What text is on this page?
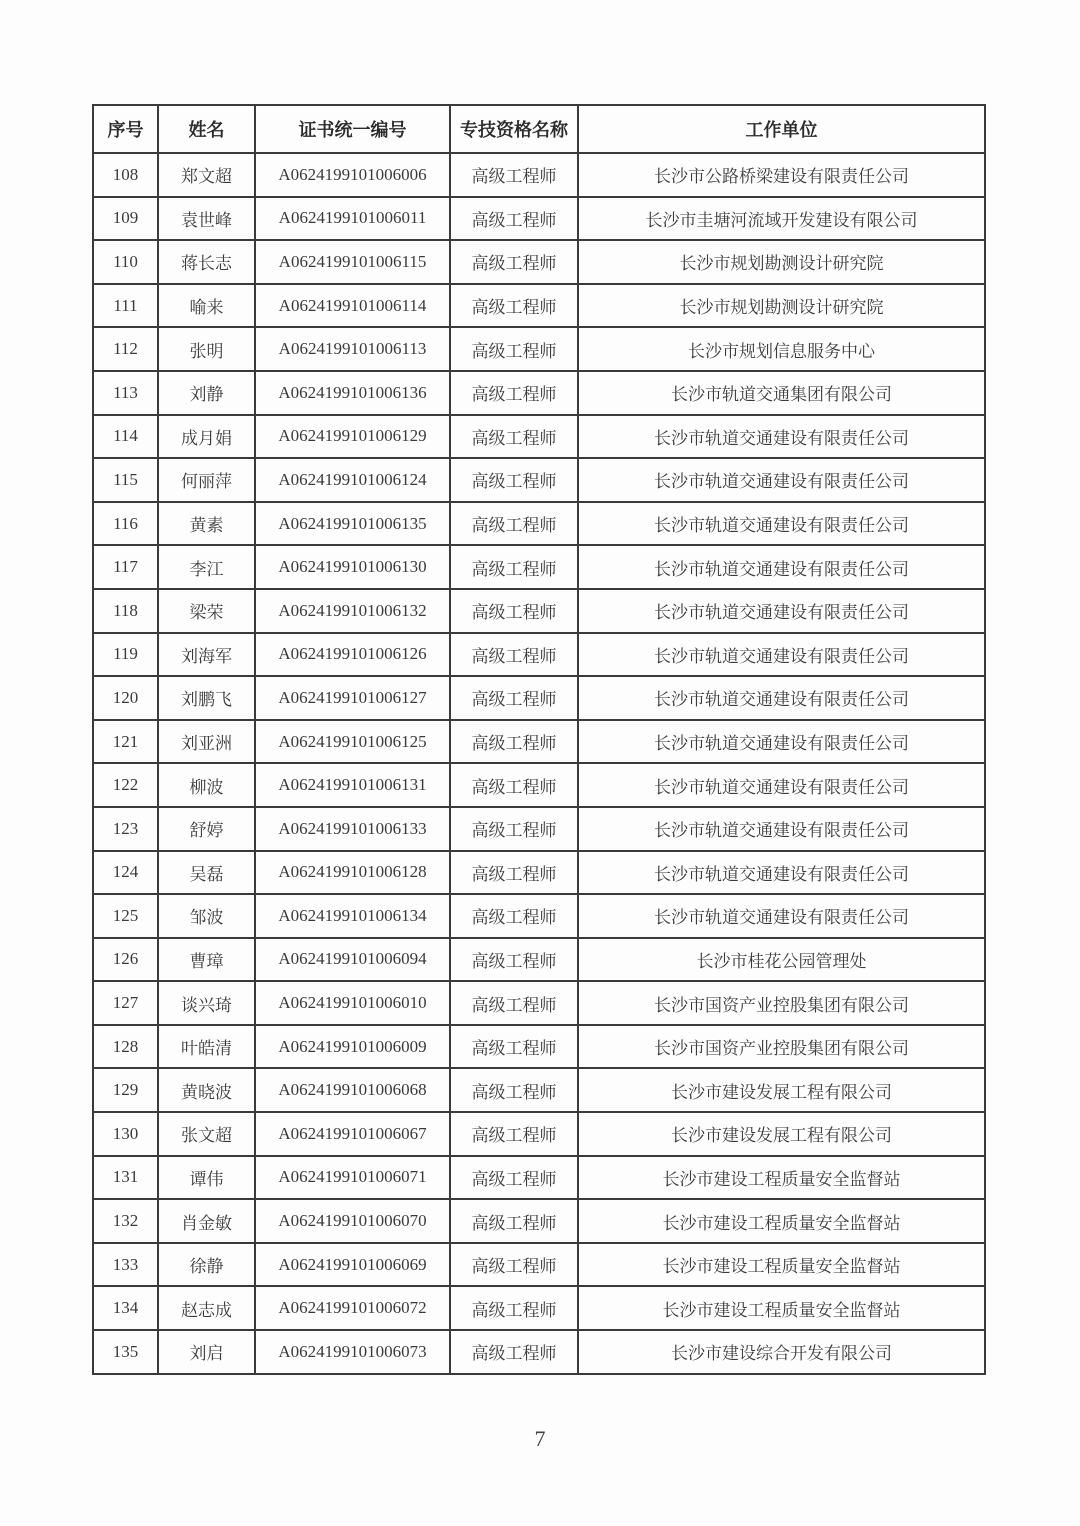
序号	姓名	证书统一编号	专技资格名称	工作单位
108	郑文超	A0624199101006006	高级工程师	长沙市公路桥梁建设有限责任公司
109	袁世峰	A0624199101006011	高级工程师	长沙市圭塘河流域开发建设有限公司
110	蒋长志	A0624199101006115	高级工程师	长沙市规划勘测设计研究院
111	喻来	A0624199101006114	高级工程师	长沙市规划勘测设计研究院
112	张明	A0624199101006113	高级工程师	长沙市规划信息服务中心
113	刘静	A0624199101006136	高级工程师	长沙市轨道交通集团有限公司
114	成月娟	A0624199101006129	高级工程师	长沙市轨道交通建设有限责任公司
115	何丽萍	A0624199101006124	高级工程师	长沙市轨道交通建设有限责任公司
116	黄素	A0624199101006135	高级工程师	长沙市轨道交通建设有限责任公司
117	李江	A0624199101006130	高级工程师	长沙市轨道交通建设有限责任公司
118	梁荣	A0624199101006132	高级工程师	长沙市轨道交通建设有限责任公司
119	刘海军	A0624199101006126	高级工程师	长沙市轨道交通建设有限责任公司
120	刘鹏飞	A0624199101006127	高级工程师	长沙市轨道交通建设有限责任公司
121	刘亚洲	A0624199101006125	高级工程师	长沙市轨道交通建设有限责任公司
122	柳波	A0624199101006131	高级工程师	长沙市轨道交通建设有限责任公司
123	舒婷	A0624199101006133	高级工程师	长沙市轨道交通建设有限责任公司
124	吴磊	A0624199101006128	高级工程师	长沙市轨道交通建设有限责任公司
125	邹波	A0624199101006134	高级工程师	长沙市轨道交通建设有限责任公司
126	曹璋	A0624199101006094	高级工程师	长沙市桂花公园管理处
127	谈兴琦	A0624199101006010	高级工程师	长沙市国资产业控股集团有限公司
128	叶皓清	A0624199101006009	高级工程师	长沙市国资产业控股集团有限公司
129	黄晓波	A0624199101006068	高级工程师	长沙市建设发展工程有限公司
130	张文超	A0624199101006067	高级工程师	长沙市建设发展工程有限公司
131	谭伟	A0624199101006071	高级工程师	长沙市建设工程质量安全监督站
132	肖金敏	A0624199101006070	高级工程师	长沙市建设工程质量安全监督站
133	徐静	A0624199101006069	高级工程师	长沙市建设工程质量安全监督站
134	赵志成	A0624199101006072	高级工程师	长沙市建设工程质量安全监督站
135	刘启	A0624199101006073	高级工程师	长沙市建设综合开发有限公司
7
